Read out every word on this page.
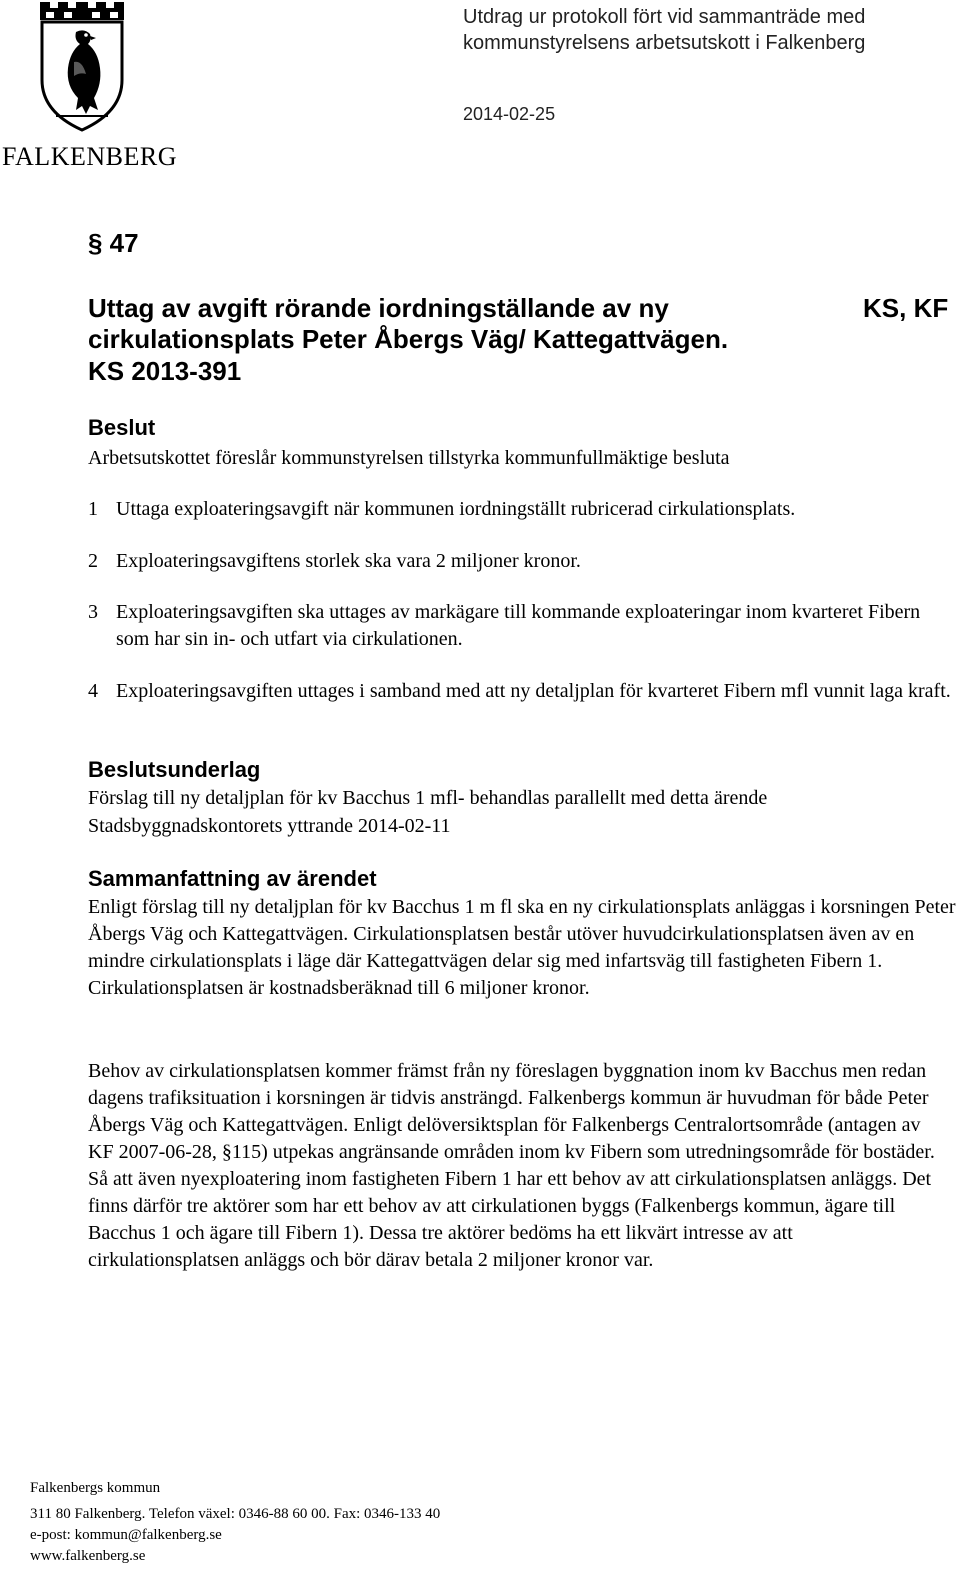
FALKENBERG
Utdrag ur protokoll fört vid sammanträde med
kommunstyrelsens arbetsutskott i Falkenberg
2014-02-25
§ 47
Uttag av avgift rörande iordningställande av ny
cirkulationsplats Peter Åbergs Väg/ Kattegattvägen.
KS 2013-391
KS, KF
Beslut
Arbetsutskottet föreslår kommunstyrelsen tillstyrka kommunfullmäktige besluta
1 Uttaga exploateringsavgift när kommunen iordningställt rubricerad cirkulationsplats.
2 Exploateringsavgiftens storlek ska vara 2 miljoner kronor.
3 Exploateringsavgiften ska uttages av markägare till kommande exploateringar inom kvarteret Fibern som har sin in- och utfart via cirkulationen.
4 Exploateringsavgiften uttages i samband med att ny detaljplan för kvarteret Fibern mfl vunnit laga kraft.
Beslutsunderlag
Förslag till ny detaljplan för kv Bacchus 1 mfl- behandlas parallellt med detta ärende
Stadsbyggnadskontorets yttrande 2014-02-11
Sammanfattning av ärendet
Enligt förslag till ny detaljplan för kv Bacchus 1 m fl ska en ny cirkulationsplats anläggas i korsningen Peter Åbergs Väg och Kattegattvägen. Cirkulationsplatsen består utöver huvudcirkulationsplatsen även av en mindre cirkulationsplats i läge där Kattegattvägen delar sig med infartsväg till fastigheten Fibern 1. Cirkulationsplatsen är kostnadsberäknad till 6 miljoner kronor.
Behov av cirkulationsplatsen kommer främst från ny föreslagen byggnation inom kv Bacchus men redan dagens trafiksituation i korsningen är tidvis ansträngd. Falkenbergs kommun är huvudman för både Peter Åbergs Väg och Kattegattvägen. Enligt delöversiktsplan för Falkenbergs Centralortsområde (antagen av KF 2007-06-28, §115) utpekas angränsande områden inom kv Fibern som utredningsområde för bostäder. Så att även nyexploatering inom fastigheten Fibern 1 har ett behov av att cirkulationsplatsen anläggs. Det finns därför tre aktörer som har ett behov av att cirkulationen byggs (Falkenbergs kommun, ägare till Bacchus 1 och ägare till Fibern 1). Dessa tre aktörer bedöms ha ett likvärt intresse av att cirkulationsplatsen anläggs och bör därav betala 2 miljoner kronor var.
Falkenbergs kommun
311 80 Falkenberg. Telefon växel: 0346-88 60 00. Fax: 0346-133 40
e-post: kommun@falkenberg.se
www.falkenberg.se
